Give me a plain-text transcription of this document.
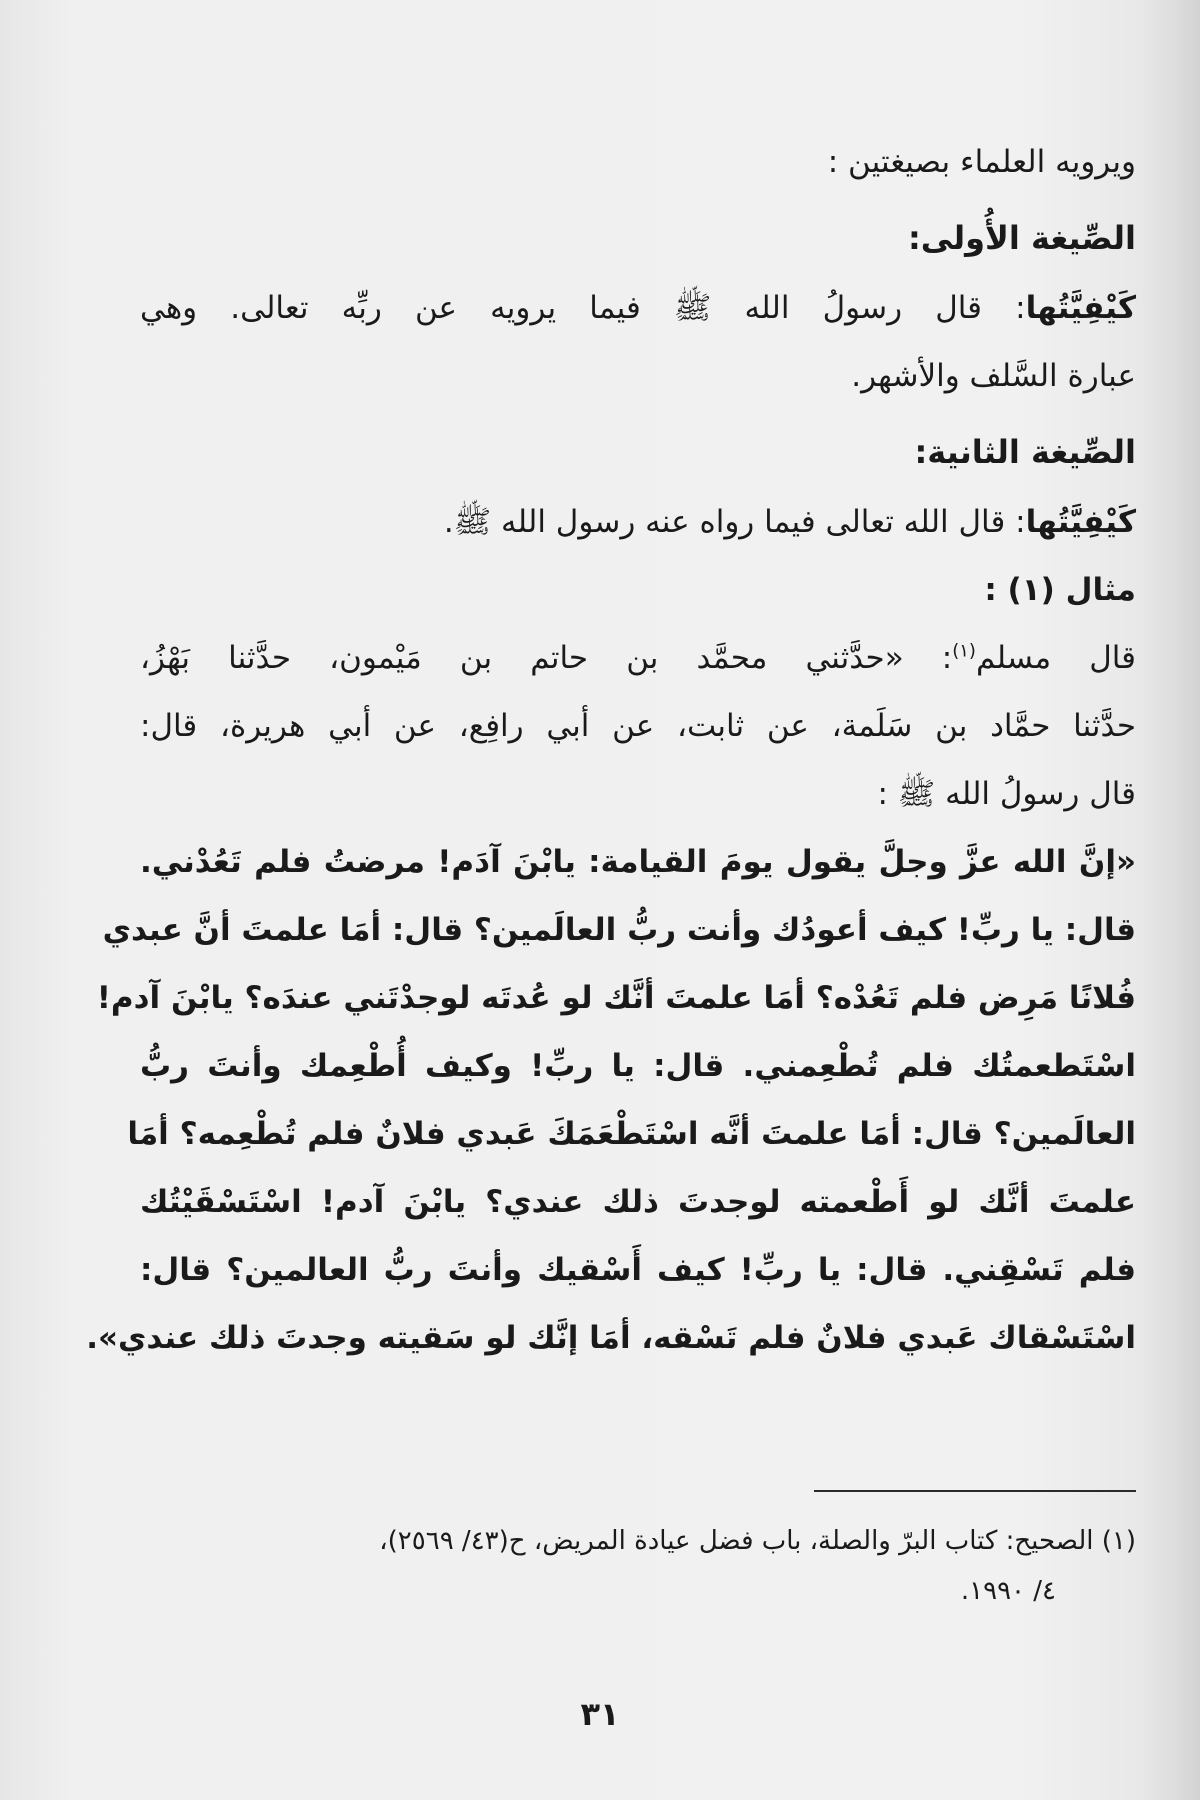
ويرويه العلماء بصيغتين :
الصِّيغة الأُولى:
كَيْفِيَّتُها: قال رسولُ الله ﷺ فيما يرويه عن ربِّه تعالى. وهي
عبارة السَّلف والأشهر.
الصِّيغة الثانية:
كَيْفِيَّتُها: قال الله تعالى فيما رواه عنه رسول الله ﷺ.
مثال (١) :
قال مسلم$^{(١)}$: «حدَّثني محمَّد بن حاتم بن مَيْمون، حدَّثنا بَهْزُ،
حدَّثنا حمَّاد بن سَلَمة، عن ثابت، عن أبي رافِع، عن أبي هريرة، قال:
قال رسولُ الله ﷺ :
«إنَّ الله عزَّ وجلَّ يقول يومَ القيامة: يابْنَ آدَم! مرضتُ فلم تَعُدْني.
قال: يا ربِّ! كيف أعودُك وأنت ربُّ العالَمين؟ قال: أمَا علمتَ أنَّ عبدي
فُلانًا مَرِض فلم تَعُدْه؟ أمَا علمتَ أنَّك لو عُدتَه لوجدْتَني عندَه؟ يابْنَ آدم!
اسْتَطعمتُك فلم تُطْعِمني. قال: يا ربِّ! وكيف أُطْعِمك وأنتَ ربُّ
العالَمين؟ قال: أمَا علمتَ أنَّه اسْتَطْعَمَكَ عَبدي فلانٌ فلم تُطْعِمه؟ أمَا
علمتَ أنَّك لو أَطْعمته لوجدتَ ذلك عندي؟ يابْنَ آدم! اسْتَسْقَيْتُك
فلم تَسْقِني. قال: يا ربِّ! كيف أَسْقيك وأنتَ ربُّ العالمين؟ قال:
اسْتَسْقاك عَبدي فلانٌ فلم تَسْقه، أمَا إنَّك لو سَقيته وجدتَ ذلك عندي».
(١) الصحيح: كتاب البرّ والصلة، باب فضل عيادة المريض، ح(٤٣/ ٢٥٦٩)،
٤/ ١٩٩٠.
٣١
